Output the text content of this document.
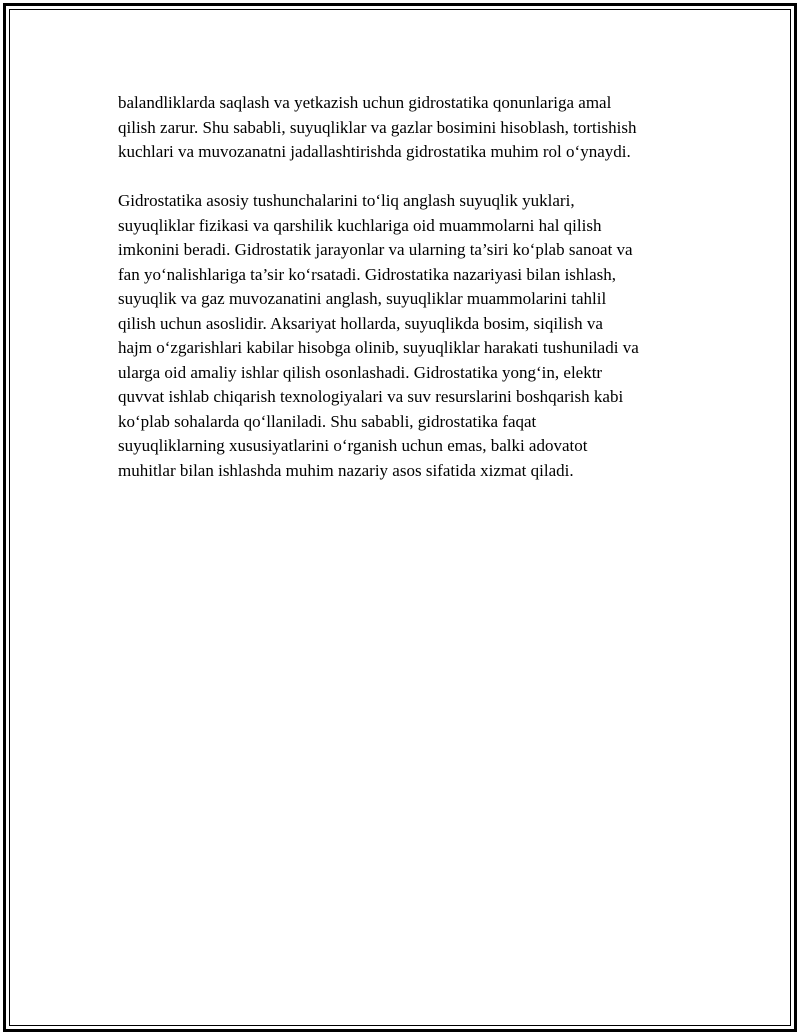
balandliklarda saqlash va yetkazish uchun gidrostatika qonunlariga amal
qilish zarur. Shu sababli, suyuqliklar va gazlar bosimini hisoblash, tortishish
kuchlari va muvozanatni jadallashtirishda gidrostatika muhim rol o‘ynaydi.

Gidrostatika asosiy tushunchalarini to‘liq anglash suyuqlik yuklari,
suyuqliklar fizikasi va qarshilik kuchlariga oid muammolarni hal qilish
imkonini beradi. Gidrostatik jarayonlar va ularning ta’siri ko‘plab sanoat va
fan yo‘nalishlariga ta’sir ko‘rsatadi. Gidrostatika nazariyasi bilan ishlash,
suyuqlik va gaz muvozanatini anglash, suyuqliklar muammolarini tahlil
qilish uchun asoslidir. Aksariyat hollarda, suyuqlikda bosim, siqilish va
hajm o‘zgarishlari kabilar hisobga olinib, suyuqliklar harakati tushuniladi va
ularga oid amaliy ishlar qilish osonlashadi. Gidrostatika yong‘in, elektr
quvvat ishlab chiqarish texnologiyalari va suv resurslarini boshqarish kabi
ko‘plab sohalarda qo‘llaniladi. Shu sababli, gidrostatika faqat
suyuqliklarning xususiyatlarini o‘rganish uchun emas, balki adovatot
muhitlar bilan ishlashda muhim nazariy asos sifatida xizmat qiladi.
